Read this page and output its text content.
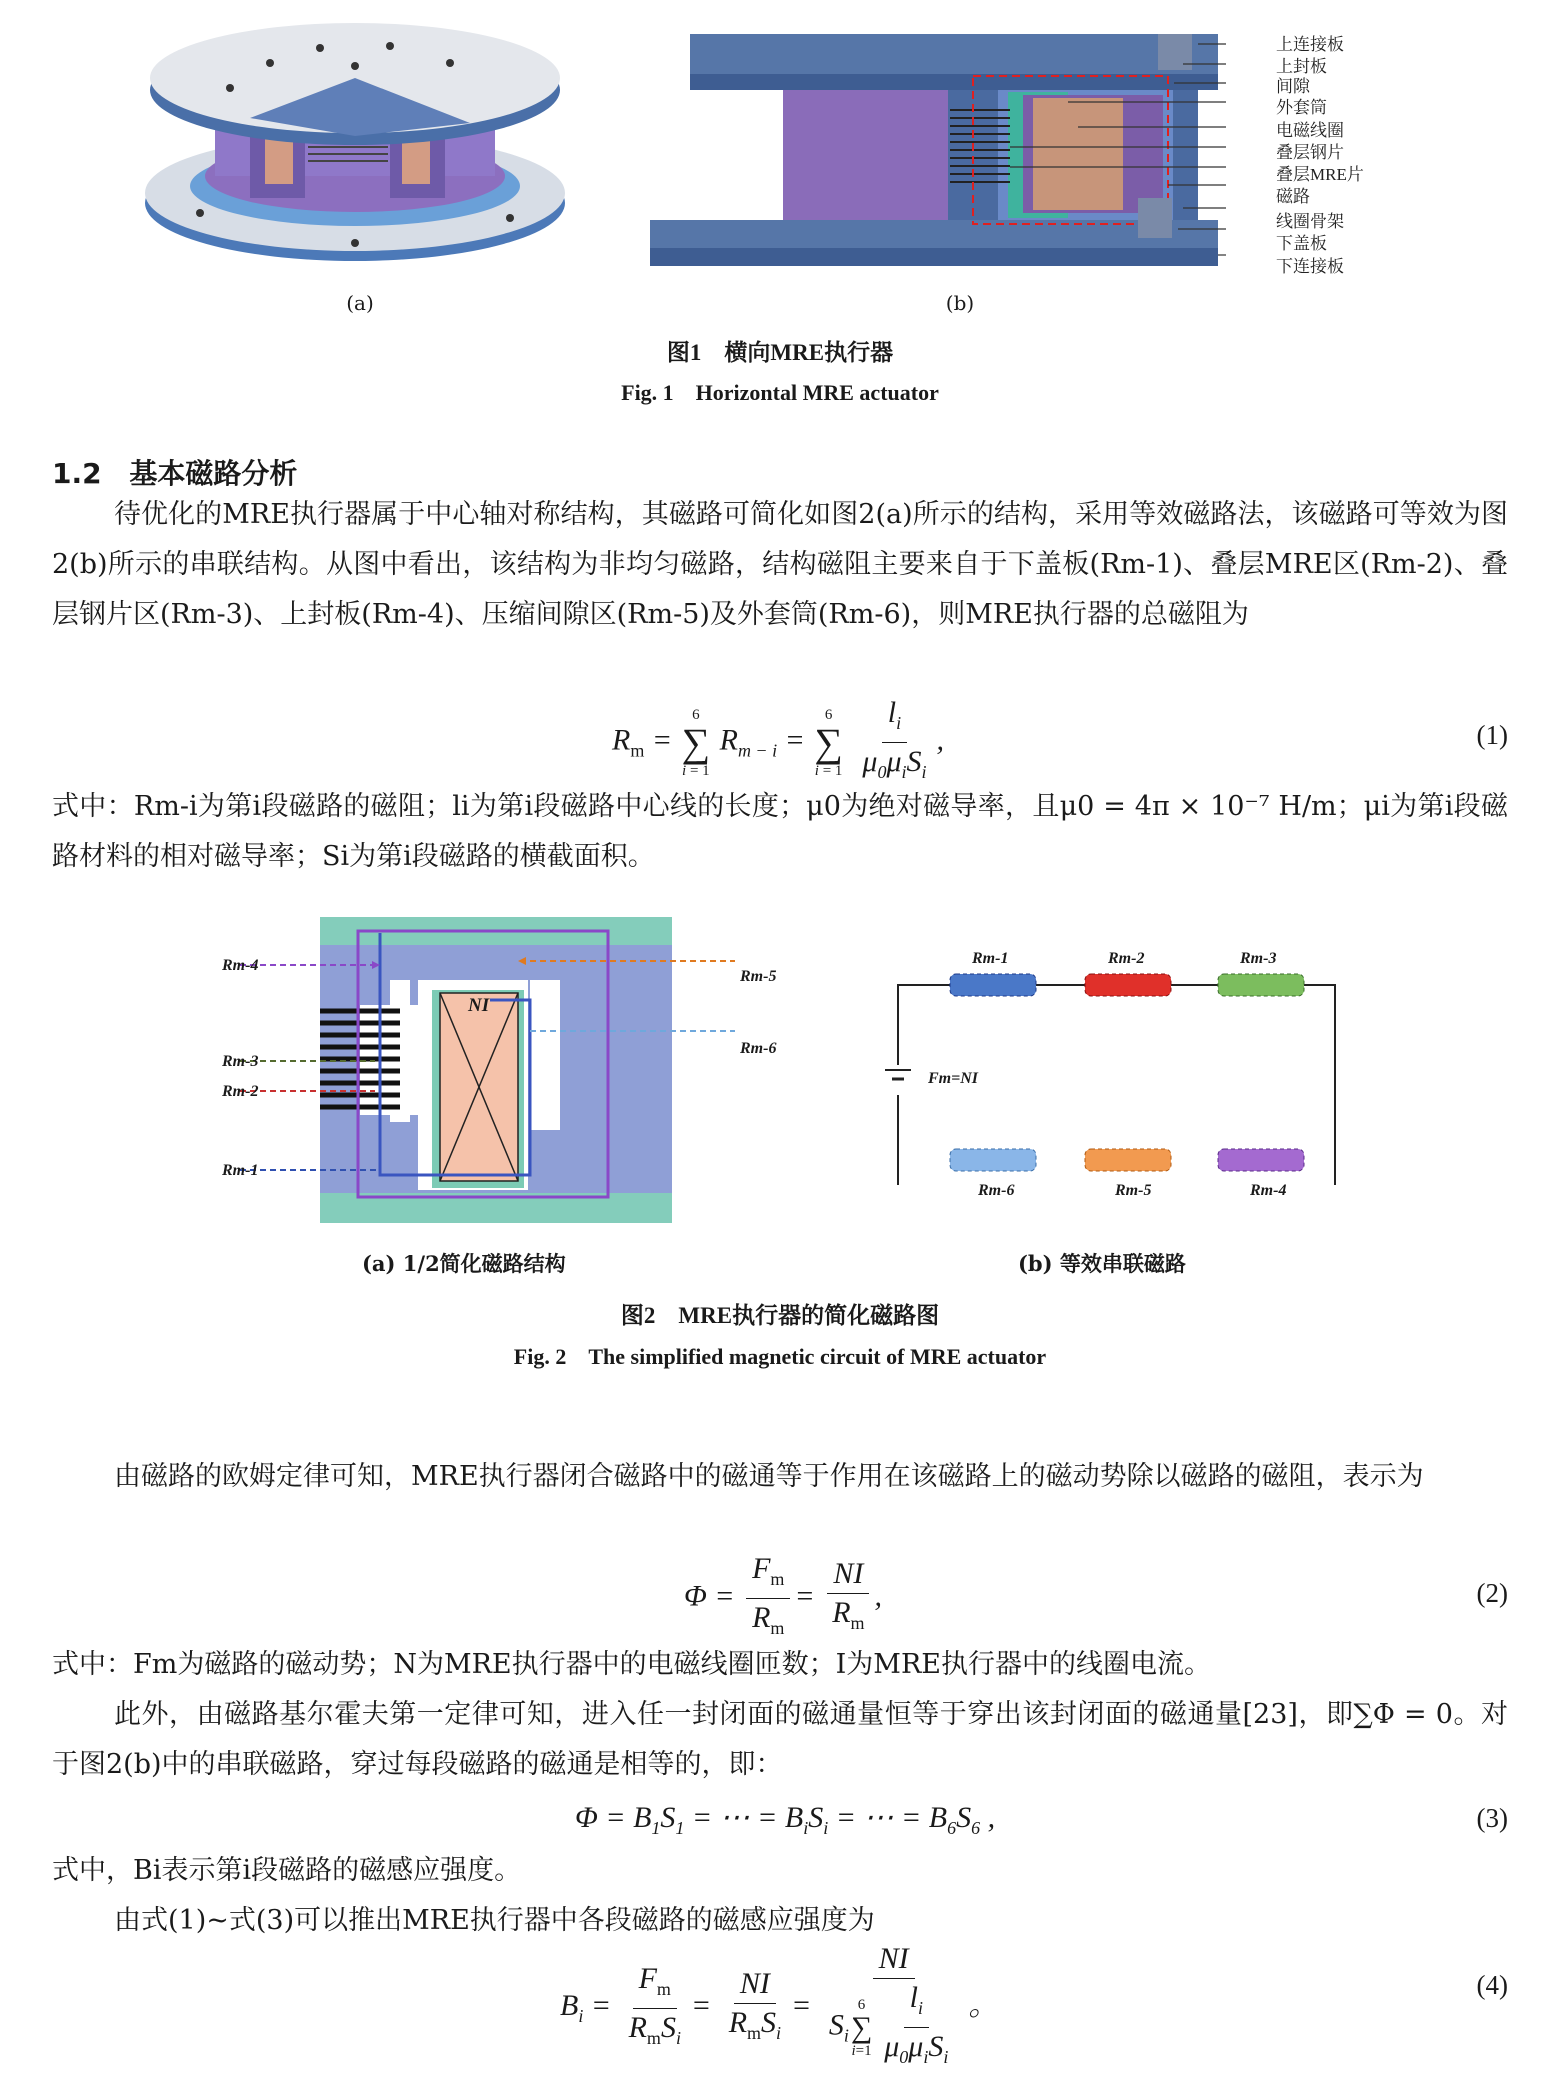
(a)
上连接板
上封板
间隙
外套筒
电磁线圈
叠层钢片
叠层MRE片
磁路
线圈骨架
下盖板
下连接板
(b)
图1　横向MRE执行器
Fig. 1　Horizontal MRE actuator
1.2 基本磁路分析

待优化的MRE执行器属于中心轴对称结构，其磁路可简化如图2(a)所示的结构，采用等效磁路法，该磁路可等效为图2(b)所示的串联结构。从图中看出，该结构为非均匀磁路，结构磁阻主要来自于下盖板(Rm-1)、叠层MRE区(Rm-2)、叠层钢片区(Rm-3)、上封板(Rm-4)、压缩间隙区(Rm-5)及外套筒(Rm-6)，则MRE执行器的总磁阻为

$R_m$ =
6
∑
i = 1
$R_{m - i}$ =
6
∑
i = 1
$\frac{l_i}{\mu_0\mu_iS_i}$ ,	(1)

式中：Rm-i为第i段磁路的磁阻；li为第i段磁路中心线的长度；μ0为绝对磁导率，且μ0 = 4π × 10⁻⁷ H/m；μi为第i段磁路材料的相对磁导率；Si为第i段磁路的横截面积。

Rm-4
Rm-3
Rm-2
Rm-1
Rm-5
Rm-6
NI
(a) 1/2简化磁路结构
Rm-1	Rm-2	Rm-3
Rm-6	Rm-5	Rm-4
Fm=NI
(b) 等效串联磁路
图2　MRE执行器的简化磁路图
Fig. 2　The simplified magnetic circuit of MRE actuator

由磁路的欧姆定律可知，MRE执行器闭合磁路中的磁通等于作用在该磁路上的磁动势除以磁路的磁阻，表示为

$\Phi = \frac{F_m}{R_m} = \frac{NI}{R_m}$ ,	(2)

式中：Fm为磁路的磁动势；N为MRE执行器中的电磁线圈匝数；I为MRE执行器中的线圈电流。

此外，由磁路基尔霍夫第一定律可知，进入任一封闭面的磁通量恒等于穿出该封闭面的磁通量[23]，即∑Φ = 0。对于图2(b)中的串联磁路，穿过每段磁路的磁通是相等的，即：

$\Phi = B_1S_1$ = ⋯ = $B_iS_i$ = ⋯ = $B_6S_6$ ,	(3)

式中，Bi表示第i段磁路的磁感应强度。

由式(1)~式(3)可以推出MRE执行器中各段磁路的磁感应强度为

$B_i = \frac{F_m}{R_mS_i} = \frac{NI}{R_mS_i}$ = NI
$S_i$
6
∑
$i=1 \frac{l_i}{\mu_0\mu_iS_i}$ 。
(4)
